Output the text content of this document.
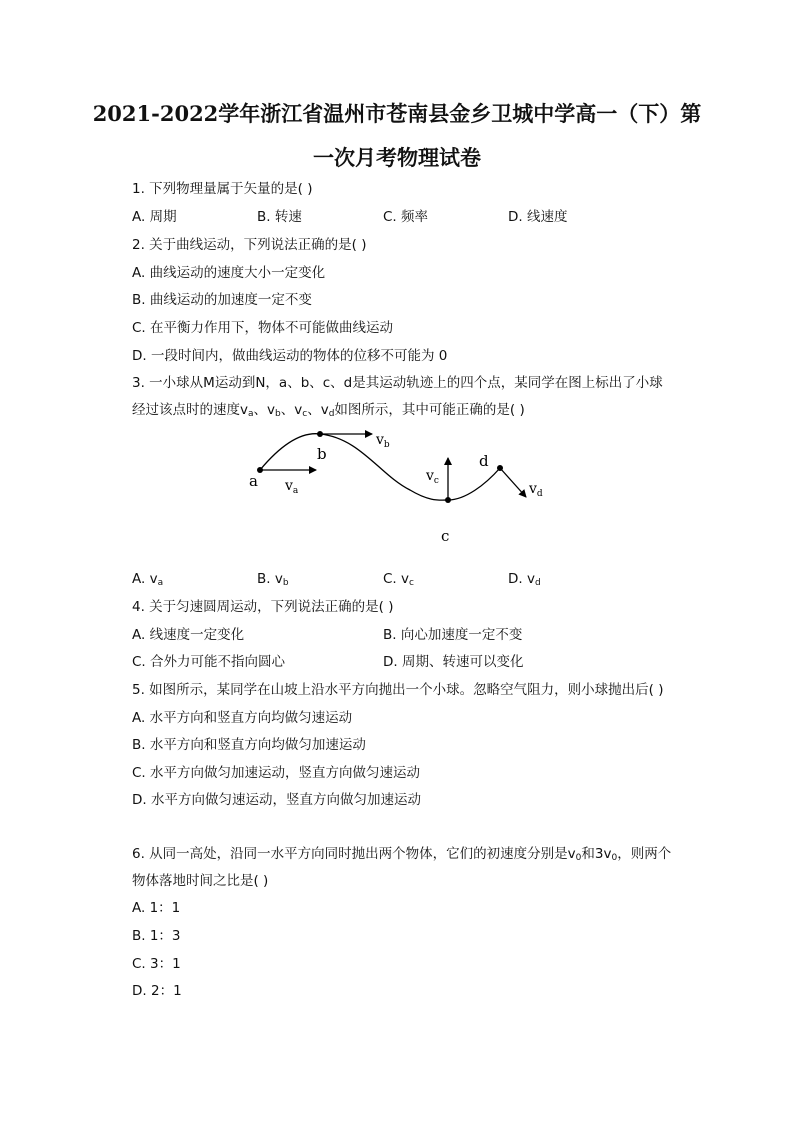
2021-2022学年浙江省温州市苍南县金乡卫城中学高一（下）第
一次月考物理试卷
1. 下列物理量属于矢量的是( )
A. 周期	B. 转速	C. 频率	D. 线速度
2. 关于曲线运动，下列说法正确的是( )
A. 曲线运动的速度大小一定变化
B. 曲线运动的加速度一定不变
C. 在平衡力作用下，物体不可能做曲线运动
D. 一段时间内，做曲线运动的物体的位移不可能为 0
3. 一小球从M运动到N，a、b、c、d是其运动轨迹上的四个点，某同学在图上标出了小球
经过该点时的速度$v_a$、$v_b$、$v_c$、$v_d$如图所示，其中可能正确的是( )
a
b
c
d
$v_a$
$v_b$
$v_c$	$v_d$
A. $v_a$	B. $v_b$	C. $v_c$	D. $v_d$
4. 关于匀速圆周运动，下列说法正确的是( )
A. 线速度一定变化	B. 向心加速度一定不变
C. 合外力可能不指向圆心	D. 周期、转速可以变化
5. 如图所示，某同学在山坡上沿水平方向抛出一个小球。忽略空气阻力，则小球抛出后( )
A. 水平方向和竖直方向均做匀速运动
B. 水平方向和竖直方向均做匀加速运动
C. 水平方向做匀加速运动，竖直方向做匀速运动
D. 水平方向做匀速运动，竖直方向做匀加速运动
6. 从同一高处，沿同一水平方向同时抛出两个物体，它们的初速度分别是$v_0$和$3v_0$，则两个
物体落地时间之比是( )
A. 1：1
B. 1：3
C. 3：1
D. 2：1
